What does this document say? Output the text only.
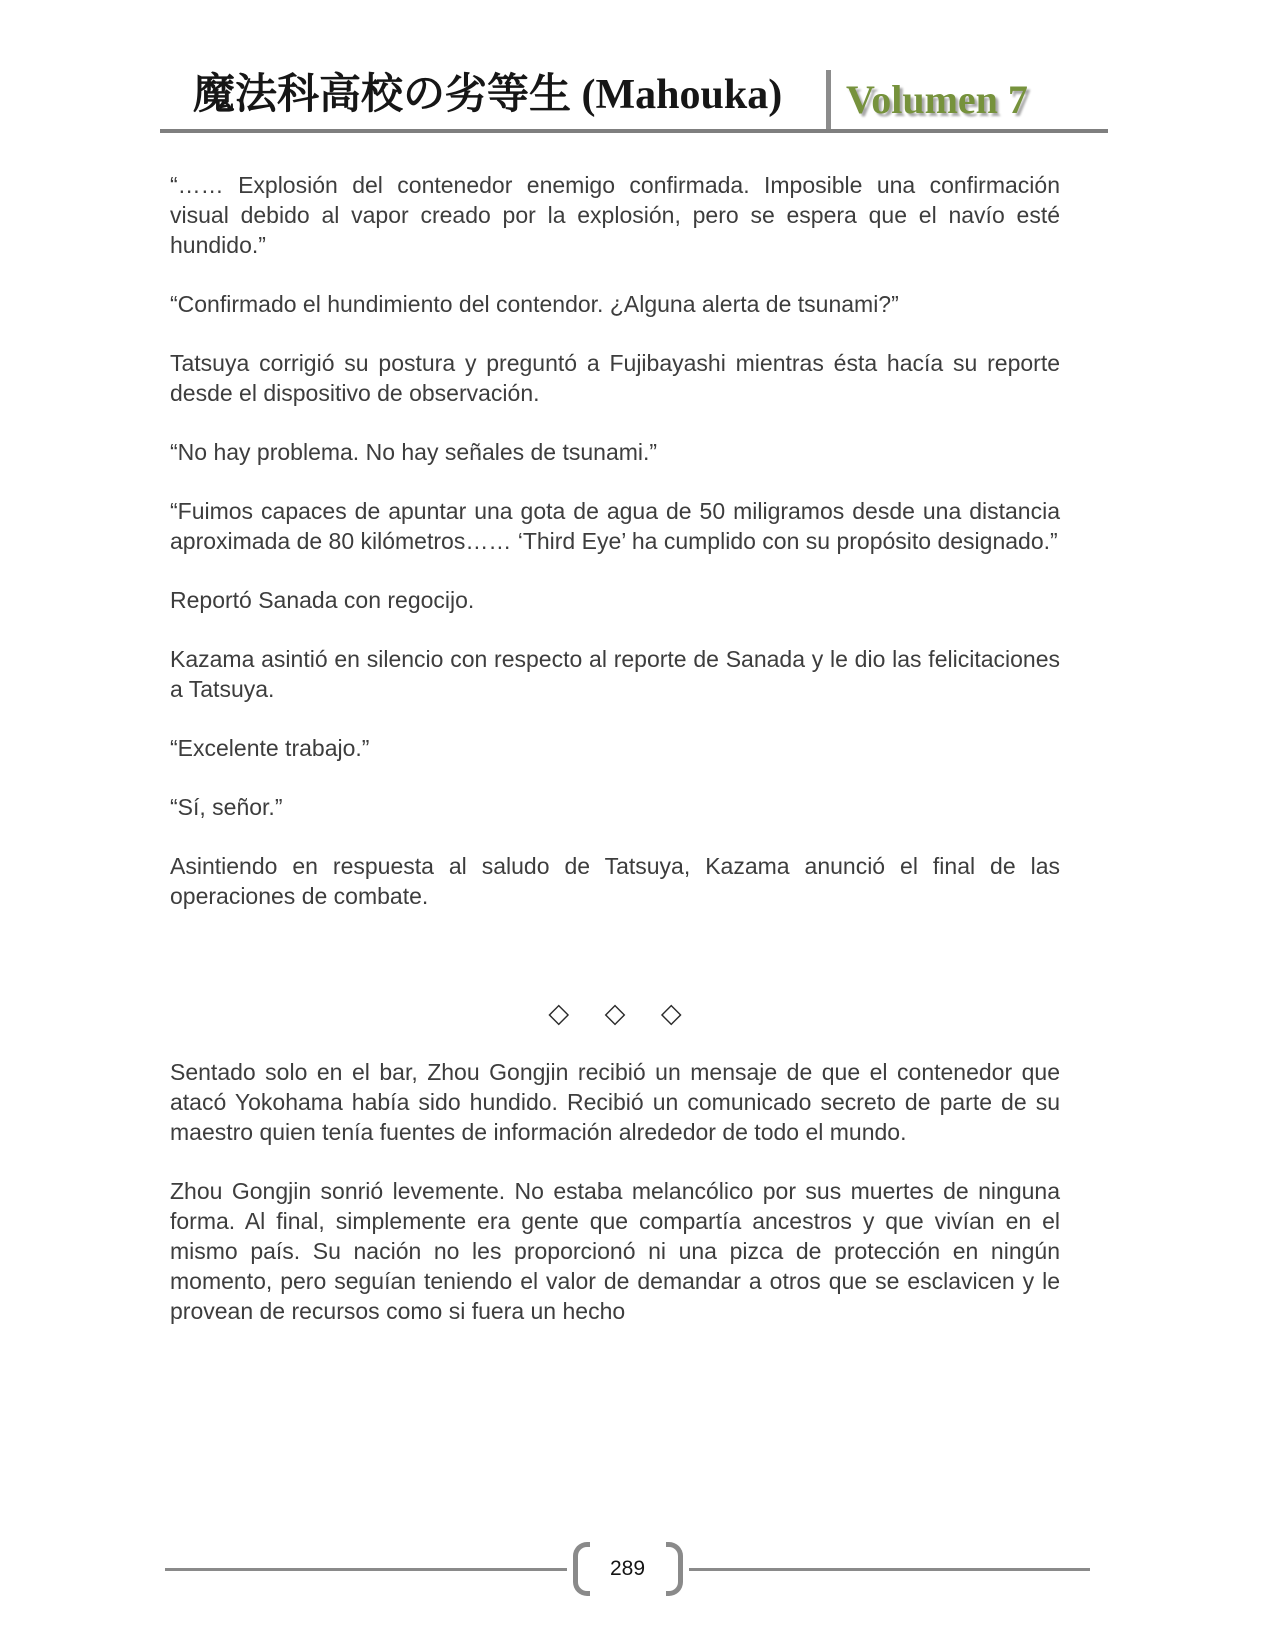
魔法科高校の劣等生 (Mahouka) Volumen 7

“…… Explosión del contenedor enemigo confirmada. Imposible una confirmación visual debido al vapor creado por la explosión, pero se espera que el navío esté hundido.”

“Confirmado el hundimiento del contendor. ¿Alguna alerta de tsunami?”

Tatsuya corrigió su postura y preguntó a Fujibayashi mientras ésta hacía su reporte desde el dispositivo de observación.

“No hay problema. No hay señales de tsunami.”

“Fuimos capaces de apuntar una gota de agua de 50 miligramos desde una distancia aproximada de 80 kilómetros…… ‘Third Eye’ ha cumplido con su propósito designado.”

Reportó Sanada con regocijo.

Kazama asintió en silencio con respecto al reporte de Sanada y le dio las felicitaciones a Tatsuya.

“Excelente trabajo.”

“Sí, señor.”

Asintiendo en respuesta al saludo de Tatsuya, Kazama anunció el final de las operaciones de combate.

◇ ◇ ◇

Sentado solo en el bar, Zhou Gongjin recibió un mensaje de que el contenedor que atacó Yokohama había sido hundido. Recibió un comunicado secreto de parte de su maestro quien tenía fuentes de información alrededor de todo el mundo.

Zhou Gongjin sonrió levemente. No estaba melancólico por sus muertes de ninguna forma. Al final, simplemente era gente que compartía ancestros y que vivían en el mismo país. Su nación no les proporcionó ni una pizca de protección en ningún momento, pero seguían teniendo el valor de demandar a otros que se esclavicen y le provean de recursos como si fuera un hecho

289
